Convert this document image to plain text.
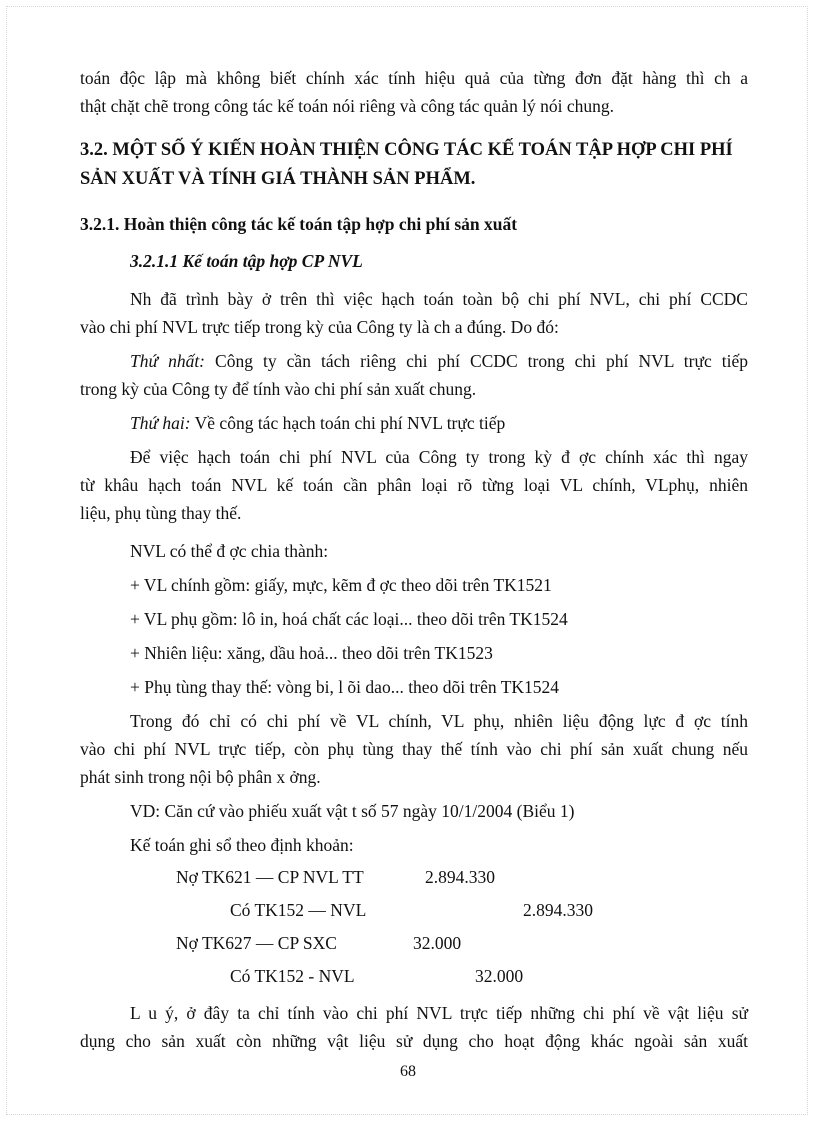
toán độc lập mà không biết chính xác tính hiệu quả của từng đơn đặt hàng thì ch a

thật chặt chẽ trong công tác kế toán nói riêng và công tác quản lý nói chung.

3.2. MỘT SỐ Ý KIẾN HOÀN THIỆN CÔNG TÁC KẾ TOÁN TẬP HỢP CHI PHÍ SẢN XUẤT VÀ TÍNH GIÁ THÀNH SẢN PHẨM.

3.2.1. Hoàn thiện công tác kế toán tập hợp chi phí sản xuất

3.2.1.1 Kế toán tập hợp CP NVL

Nh đã trình bày ở trên thì việc hạch toán toàn bộ chi phí NVL, chi phí CCDC

vào chi phí NVL trực tiếp trong kỳ của Công ty là ch a đúng. Do đó:

Thứ nhất: Công ty cần tách riêng chi phí CCDC trong chi phí NVL trực tiếp

trong kỳ của Công ty để tính vào chi phí sản xuất chung.

Thứ hai: Về công tác hạch toán chi phí NVL trực tiếp

Để việc hạch toán chi phí NVL của Công ty trong kỳ đ ợc chính xác thì ngay

từ khâu hạch toán NVL kế toán cần phân loại rõ từng loại VL chính, VLphụ, nhiên

liệu, phụ tùng thay thế.

NVL có thể đ ợc chia thành:

+ VL chính gồm: giấy, mực, kẽm đ ợc theo dõi trên TK1521

+ VL phụ gồm: lô in, hoá chất các loại... theo dõi trên TK1524

+ Nhiên liệu: xăng, dầu hoả... theo dõi trên TK1523

+ Phụ tùng thay thế: vòng bi, l õi dao... theo dõi trên TK1524

Trong đó chỉ có chi phí về VL chính, VL phụ, nhiên liệu động lực đ ợc tính

vào chi phí NVL trực tiếp, còn phụ tùng thay thế tính vào chi phí sản xuất chung nếu

phát sinh trong nội bộ phân x ởng.

VD: Căn cứ vào phiếu xuất vật t số 57 ngày 10/1/2004 (Biểu 1)

Kế toán ghi sổ theo định khoản:

Nợ TK621 — CP NVL TT	2.894.330
Có TK152 — NVL	2.894.330
Nợ TK627 — CP SXC	32.000
Có TK152 - NVL	32.000

L u ý, ở đây ta chỉ tính vào chi phí NVL trực tiếp những chi phí về vật liệu sử

dụng cho sản xuất còn những vật liệu sử dụng cho hoạt động khác ngoài sản xuất

68
